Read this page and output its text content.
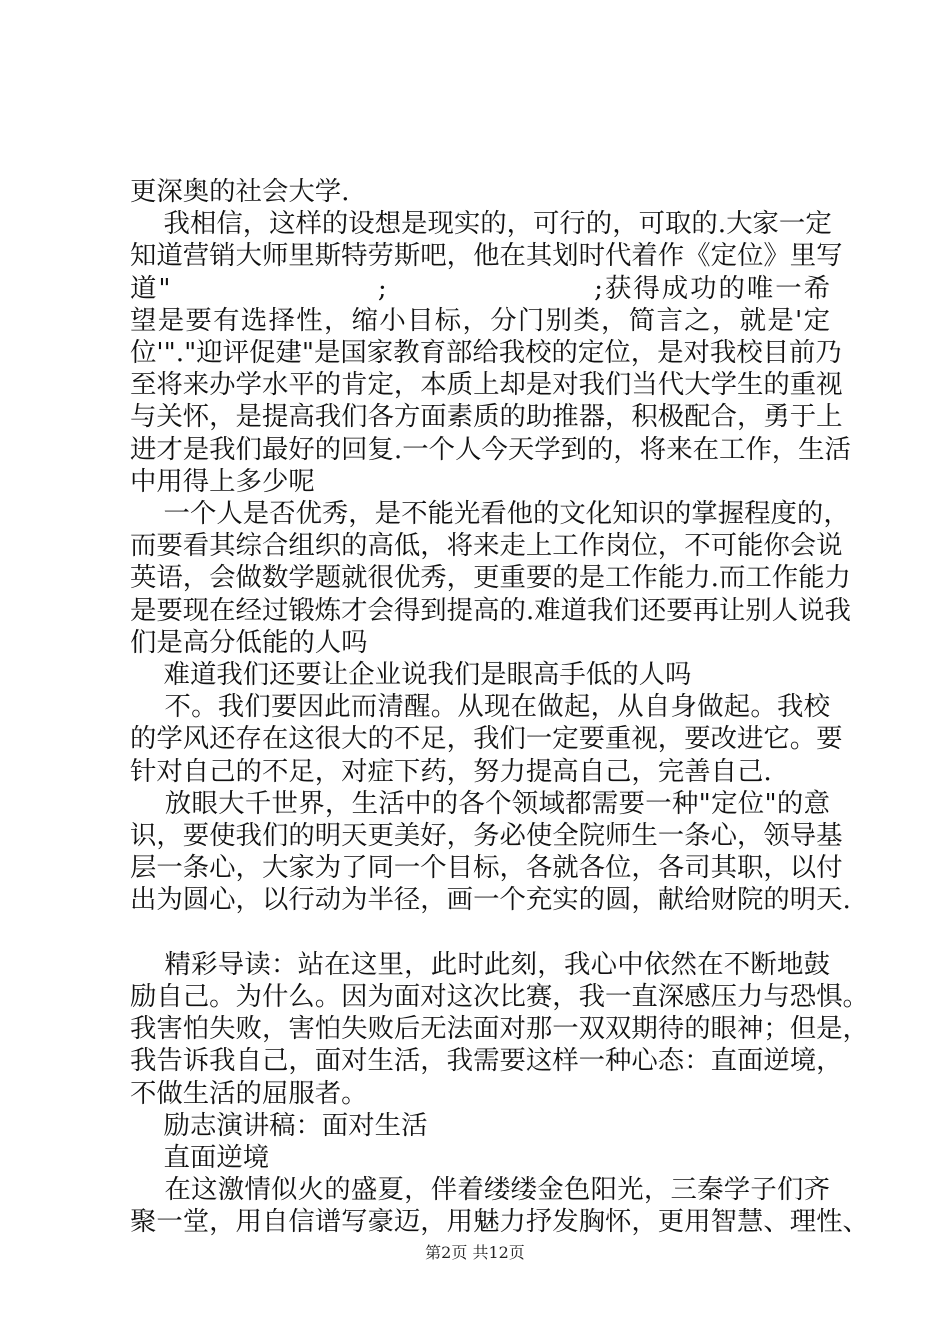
更深奥的社会大学.
我相信，这样的设想是现实的，可行的，可取的.大家一定
知道营销大师里斯特劳斯吧，他在其划时代着作《定位》里写
道"                    ;                    ;获得成功的唯一希
望是要有选择性，缩小目标，分门别类，简言之，就是'定
位'"."迎评促建"是国家教育部给我校的定位，是对我校目前乃
至将来办学水平的肯定，本质上却是对我们当代大学生的重视
与关怀，是提高我们各方面素质的助推器，积极配合，勇于上
进才是我们最好的回复.一个人今天学到的，将来在工作，生活
中用得上多少呢
一个人是否优秀，是不能光看他的文化知识的掌握程度的，
而要看其综合组织的高低，将来走上工作岗位，不可能你会说
英语，会做数学题就很优秀，更重要的是工作能力.而工作能力
是要现在经过锻炼才会得到提高的.难道我们还要再让别人说我
们是高分低能的人吗
难道我们还要让企业说我们是眼高手低的人吗
不。我们要因此而清醒。从现在做起，从自身做起。我校
的学风还存在这很大的不足，我们一定要重视，要改进它。要
针对自己的不足，对症下药，努力提高自己，完善自己.
放眼大千世界，生活中的各个领域都需要一种"定位"的意
识，要使我们的明天更美好，务必使全院师生一条心，领导基
层一条心，大家为了同一个目标，各就各位，各司其职，以付
出为圆心，以行动为半径，画一个充实的圆，献给财院的明天.
精彩导读：站在这里，此时此刻，我心中依然在不断地鼓
励自己。为什么。因为面对这次比赛，我一直深感压力与恐惧。
我害怕失败，害怕失败后无法面对那一双双期待的眼神；但是，
我告诉我自己，面对生活，我需要这样一种心态：直面逆境，
不做生活的屈服者。
励志演讲稿：面对生活
直面逆境
在这激情似火的盛夏，伴着缕缕金色阳光，三秦学子们齐
聚一堂，用自信谱写豪迈，用魅力抒发胸怀，更用智慧、理性、
第2页 共12页
